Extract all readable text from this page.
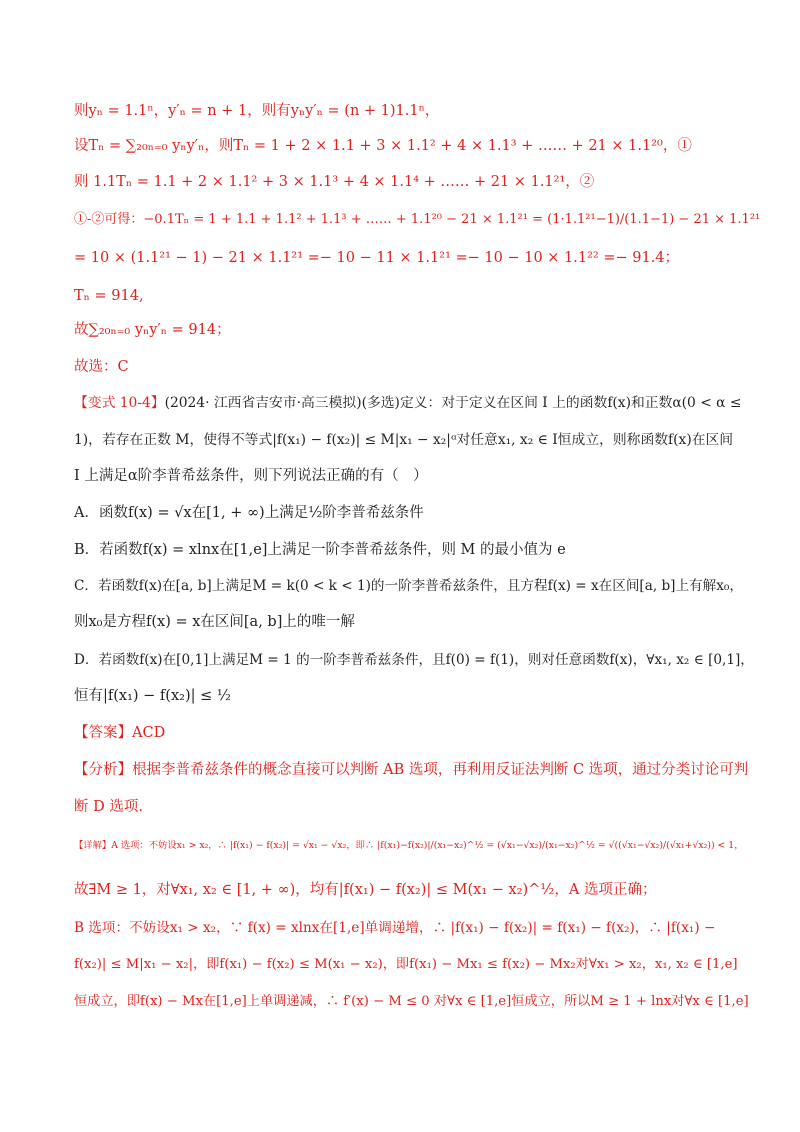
则yₙ = 1.1ⁿ，y′ₙ = n + 1，则有yₙy′ₙ = (n + 1)1.1ⁿ，
设Tₙ = ∑₂₀ₙ₌₀ yₙy′ₙ，则Tₙ = 1 + 2 × 1.1 + 3 × 1.1² + 4 × 1.1³ + …… + 21 × 1.1²⁰，①
则 1.1Tₙ = 1.1 + 2 × 1.1² + 3 × 1.1³ + 4 × 1.1⁴ + …… + 21 × 1.1²¹，②
①-②可得：−0.1Tₙ = 1 + 1.1 + 1.1² + 1.1³ + …… + 1.1²⁰ − 21 × 1.1²¹ = (1·1.1²¹−1)/(1.1−1) − 21 × 1.1²¹
= 10 × (1.1²¹ − 1) − 21 × 1.1²¹ =− 10 − 11 × 1.1²¹ =− 10 − 10 × 1.1²² =− 91.4；
Tₙ = 914,
故∑₂₀ₙ₌₀ yₙy′ₙ = 914；
故选：C
【变式 10-4】(2024· 江西省吉安市·高三模拟)(多选)定义：对于定义在区间 I 上的函数f(x)和正数α(0 < α ≤
1)，若存在正数 M，使得不等式|f(x₁) − f(x₂)| ≤ M|x₁ − x₂|ᵅ对任意x₁, x₂ ∈ I恒成立，则称函数f(x)在区间
I 上满足α阶李普希兹条件，则下列说法正确的有（　）
A．函数f(x) = √x在[1, + ∞)上满足½阶李普希兹条件
B．若函数f(x) = xlnx在[1,e]上满足一阶李普希兹条件，则 M 的最小值为 e
C．若函数f(x)在[a, b]上满足M = k(0 < k < 1)的一阶李普希兹条件，且方程f(x) = x在区间[a, b]上有解x₀，
则x₀是方程f(x) = x在区间[a, b]上的唯一解
D．若函数f(x)在[0,1]上满足M = 1 的一阶李普希兹条件，且f(0) = f(1)，则对任意函数f(x)，∀x₁, x₂ ∈ [0,1]，
恒有|f(x₁) − f(x₂)| ≤ ½
【答案】ACD
【分析】根据李普希兹条件的概念直接可以判断 AB 选项，再利用反证法判断 C 选项，通过分类讨论可判
断 D 选项.
【详解】A 选项：不妨设x₁ > x₂，∴ |f(x₁) − f(x₂)| = √x₁ − √x₂，即∴ |f(x₁)−f(x₂)|/(x₁−x₂)^½ = (√x₁−√x₂)/(x₁−x₂)^½ = √((√x₁−√x₂)/(√x₁+√x₂)) < 1，
故∃M ≥ 1，对∀x₁, x₂ ∈ [1, + ∞)，均有|f(x₁) − f(x₂)| ≤ M(x₁ − x₂)^½，A 选项正确；
B 选项：不妨设x₁ > x₂，∵ f(x) = xlnx在[1,e]单调递增，∴ |f(x₁) − f(x₂)| = f(x₁) − f(x₂)，∴ |f(x₁) −
f(x₂)| ≤ M|x₁ − x₂|，即f(x₁) − f(x₂) ≤ M(x₁ − x₂)，即f(x₁) − Mx₁ ≤ f(x₂) − Mx₂对∀x₁ > x₂，x₁, x₂ ∈ [1,e]
恒成立，即f(x) − Mx在[1,e]上单调递减，∴ f′(x) − M ≤ 0 对∀x ∈ [1,e]恒成立，所以M ≥ 1 + lnx对∀x ∈ [1,e]
